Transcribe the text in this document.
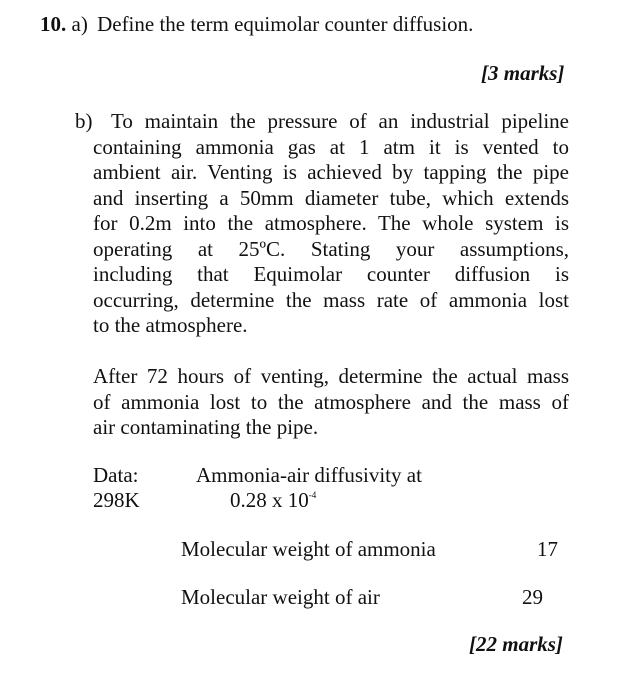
10. a) Define the term equimolar counter diffusion.
[3 marks]
b) To maintain the pressure of an industrial pipeline
containing ammonia gas at 1 atm it is vented to
ambient air. Venting is achieved by tapping the pipe
and inserting a 50mm diameter tube, which extends
for 0.2m into the atmosphere. The whole system is
operating at 25ºC. Stating your assumptions,
including that Equimolar counter diffusion is
occurring, determine the mass rate of ammonia lost
to the atmosphere.
After 72 hours of venting, determine the actual mass
of ammonia lost to the atmosphere and the mass of
air contaminating the pipe.
Data:
298K
Ammonia-air diffusivity at
0.28 x $10^{-4}$
Molecular weight of ammonia	17
Molecular weight of air	29
[22 marks]
